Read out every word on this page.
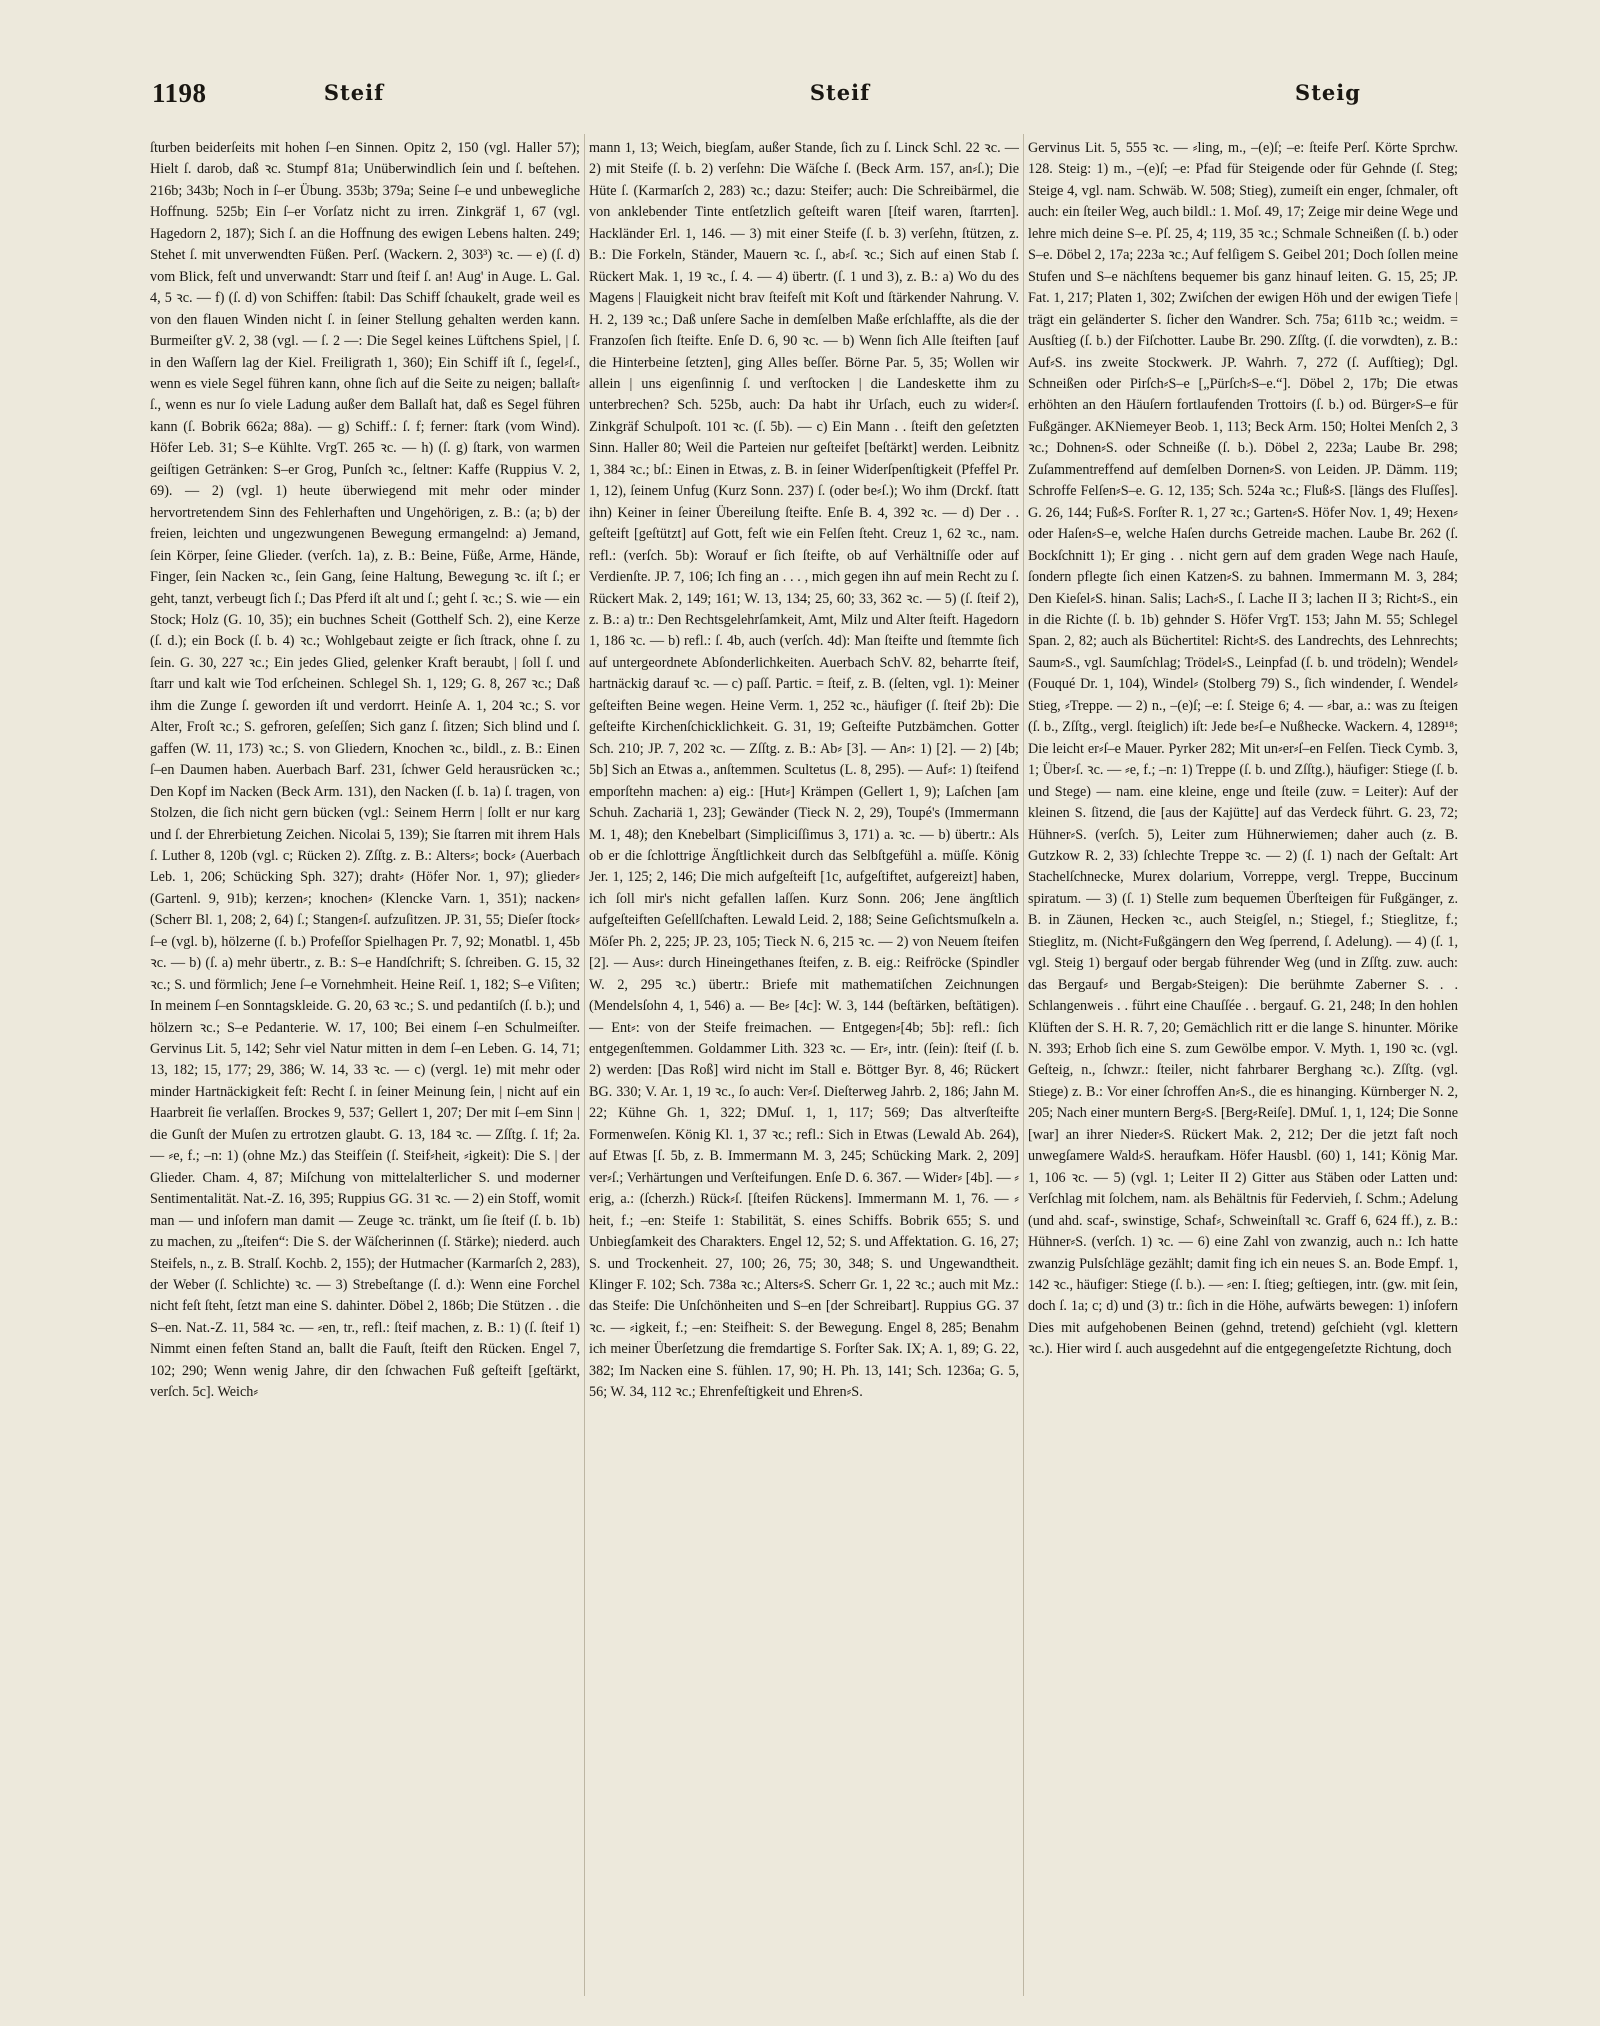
1198	Steif	Steif	Steig

ſturben beiderſeits mit hohen ſ–en Sinnen. Opitz 2, 150 (vgl. Haller 57); Hielt ſ. darob, daß ꝛc. Stumpf 81a; Unüberwindlich ſein und ſ. beſtehen. 216b; 343b; Noch in ſ–er Übung. 353b; 379a; Seine ſ–e und unbewegliche Hoffnung. 525b; Ein ſ–er Vorſatz nicht zu irren. Zinkgräf 1, 67 (vgl. Hagedorn 2, 187); Sich ſ. an die Hoffnung des ewigen Lebens halten. 249; Stehet ſ. mit unverwendten Füßen. Perſ. (Wackern. 2, 303³) ꝛc. — e) (ſ. d) vom Blick, feſt und unverwandt: Starr und ſteif ſ. an! Aug' in Auge. L. Gal. 4, 5 ꝛc. — f) (ſ. d) von Schiffen: ſtabil: Das Schiff ſchaukelt, grade weil es von den flauen Winden nicht ſ. in ſeiner Stellung gehalten werden kann. Burmeiſter gV. 2, 38 (vgl. — ſ. 2 —: Die Segel keines Lüftchens Spiel, | ſ. in den Waſſern lag der Kiel. Freiligrath 1, 360); Ein Schiff iſt ſ., ſegel⸗ſ., wenn es viele Segel führen kann, ohne ſich auf die Seite zu neigen; ballaſt⸗ſ., wenn es nur ſo viele Ladung außer dem Ballaſt hat, daß es Segel führen kann (ſ. Bobrik 662a; 88a). — g) Schiff.: ſ. f; ferner: ſtark (vom Wind). Höfer Leb. 31; S–e Kühlte. VrgT. 265 ꝛc. — h) (ſ. g) ſtark, von warmen geiſtigen Getränken: S–er Grog, Punſch ꝛc., ſeltner: Kaffe (Ruppius V. 2, 69). — 2) (vgl. 1) heute überwiegend mit mehr oder minder hervortretendem Sinn des Fehlerhaften und Ungehörigen, z. B.: (a; b) der freien, leichten und ungezwungenen Bewegung ermangelnd: a) Jemand, ſein Körper, ſeine Glieder. (verſch. 1a), z. B.: Beine, Füße, Arme, Hände, Finger, ſein Nacken ꝛc., ſein Gang, ſeine Haltung, Bewegung ꝛc. iſt ſ.; er geht, tanzt, verbeugt ſich ſ.; Das Pferd iſt alt und ſ.; geht ſ. ꝛc.; S. wie — ein Stock; Holz (G. 10, 35); ein buchnes Scheit (Gotthelf Sch. 2), eine Kerze (ſ. d.); ein Bock (ſ. b. 4) ꝛc.; Wohlgebaut zeigte er ſich ſtrack, ohne ſ. zu ſein. G. 30, 227 ꝛc.; Ein jedes Glied, gelenker Kraft beraubt, | ſoll ſ. und ſtarr und kalt wie Tod erſcheinen. Schlegel Sh. 1, 129; G. 8, 267 ꝛc.; Daß ihm die Zunge ſ. geworden iſt und verdorrt. Heinſe A. 1, 204 ꝛc.; S. vor Alter, Froſt ꝛc.; S. gefroren, geſeſſen; Sich ganz ſ. ſitzen; Sich blind und ſ. gaffen (W. 11, 173) ꝛc.; S. von Gliedern, Knochen ꝛc., bildl., z. B.: Einen ſ–en Daumen haben. Auerbach Barf. 231, ſchwer Geld herausrücken ꝛc.; Den Kopf im Nacken (Beck Arm. 131), den Nacken (ſ. b. 1a) ſ. tragen, von Stolzen, die ſich nicht gern bücken (vgl.: Seinem Herrn | ſollt er nur karg und ſ. der Ehrerbietung Zeichen. Nicolai 5, 139); Sie ſtarren mit ihrem Hals ſ. Luther 8, 120b (vgl. c; Rücken 2). Zſſtg. z. B.: Alters⸗; bock⸗ (Auerbach Leb. 1, 206; Schücking Sph. 327); draht⸗ (Höfer Nor. 1, 97); glieder⸗ (Gartenl. 9, 91b); kerzen⸗; knochen⸗ (Klencke Varn. 1, 351); nacken⸗ (Scherr Bl. 1, 208; 2, 64) ſ.; Stangen⸗ſ. aufzuſitzen. JP. 31, 55; Dieſer ſtock⸗ſ–e (vgl. b), hölzerne (ſ. b.) Profeſſor Spielhagen Pr. 7, 92; Monatbl. 1, 45b ꝛc. — b) (ſ. a) mehr übertr., z. B.: S–e Handſchrift; S. ſchreiben. G. 15, 32 ꝛc.; S. und förmlich; Jene ſ–e Vornehmheit. Heine Reiſ. 1, 182; S–e Viſiten; In meinem ſ–en Sonntagskleide. G. 20, 63 ꝛc.; S. und pedantiſch (ſ. b.); und hölzern ꝛc.; S–e Pedanterie. W. 17, 100; Bei einem ſ–en Schulmeiſter. Gervinus Lit. 5, 142; Sehr viel Natur mitten in dem ſ–en Leben. G. 14, 71; 13, 182; 15, 177; 29, 386; W. 14, 33 ꝛc. — c) (vergl. 1e) mit mehr oder minder Hartnäckigkeit feſt: Recht ſ. in ſeiner Meinung ſein, | nicht auf ein Haarbreit ſie verlaſſen. Brockes 9, 537; Gellert 1, 207; Der mit ſ–em Sinn | die Gunſt der Muſen zu ertrotzen glaubt. G. 13, 184 ꝛc. — Zſſtg. ſ. 1f; 2a. — ⸗e, f.; –n: 1) (ohne Mz.) das Steifſein (ſ. Steif⸗heit, ⸗igkeit): Die S. | der Glieder. Cham. 4, 87; Miſchung von mittelalterlicher S. und moderner Sentimentalität. Nat.-Z. 16, 395; Ruppius GG. 31 ꝛc. — 2) ein Stoff, womit man — und inſofern man damit — Zeuge ꝛc. tränkt, um ſie ſteif (ſ. b. 1b) zu machen, zu „ſteifen“: Die S. der Wäſcherinnen (ſ. Stärke); niederd. auch Steifels, n., z. B. Stralſ. Kochb. 2, 155); der Hutmacher (Karmarſch 2, 283), der Weber (ſ. Schlichte) ꝛc. — 3) Strebeſtange (ſ. d.): Wenn eine Forchel nicht feſt ſteht, ſetzt man eine S. dahinter. Döbel 2, 186b; Die Stützen . . die S–en. Nat.-Z. 11, 584 ꝛc. — ⸗en, tr., refl.: ſteif machen, z. B.: 1) (ſ. ſteif 1) Nimmt einen feſten Stand an, ballt die Fauſt, ſteift den Rücken. Engel 7, 102; 290; Wenn wenig Jahre, dir den ſchwachen Fuß geſteift [geſtärkt, verſch. 5c]. Weich⸗

mann 1, 13; Weich, biegſam, außer Stande, ſich zu ſ. Linck Schl. 22 ꝛc. — 2) mit Steife (ſ. b. 2) verſehn: Die Wäſche ſ. (Beck Arm. 157, an⸗ſ.); Die Hüte ſ. (Karmarſch 2, 283) ꝛc.; dazu: Steifer; auch: Die Schreibärmel, die von anklebender Tinte entſetzlich geſteift waren [ſteif waren, ſtarrten]. Hackländer Erl. 1, 146. — 3) mit einer Steife (ſ. b. 3) verſehn, ſtützen, z. B.: Die Forkeln, Ständer, Mauern ꝛc. ſ., ab⸗ſ. ꝛc.; Sich auf einen Stab ſ. Rückert Mak. 1, 19 ꝛc., ſ. 4. — 4) übertr. (ſ. 1 und 3), z. B.: a) Wo du des Magens | Flauigkeit nicht brav ſteifeſt mit Koſt und ſtärkender Nahrung. V. H. 2, 139 ꝛc.; Daß unſere Sache in demſelben Maße erſchlaffte, als die der Franzoſen ſich ſteifte. Enſe D. 6, 90 ꝛc. — b) Wenn ſich Alle ſteiften [auf die Hinterbeine ſetzten], ging Alles beſſer. Börne Par. 5, 35; Wollen wir allein | uns eigenſinnig ſ. und verſtocken | die Landeskette ihm zu unterbrechen? Sch. 525b, auch: Da habt ihr Urſach, euch zu wider⸗ſ. Zinkgräf Schulpoſt. 101 ꝛc. (ſ. 5b). — c) Ein Mann . . ſteift den geſetzten Sinn. Haller 80; Weil die Parteien nur geſteifet [beſtärkt] werden. Leibnitz 1, 384 ꝛc.; bſ.: Einen in Etwas, z. B. in ſeiner Widerſpenſtigkeit (Pfeffel Pr. 1, 12), ſeinem Unfug (Kurz Sonn. 237) ſ. (oder be⸗ſ.); Wo ihm (Drckf. ſtatt ihn) Keiner in ſeiner Übereilung ſteifte. Enſe B. 4, 392 ꝛc. — d) Der . . geſteift [geſtützt] auf Gott, feſt wie ein Felſen ſteht. Creuz 1, 62 ꝛc., nam. refl.: (verſch. 5b): Worauf er ſich ſteifte, ob auf Verhältniſſe oder auf Verdienſte. JP. 7, 106; Ich fing an . . . , mich gegen ihn auf mein Recht zu ſ. Rückert Mak. 2, 149; 161; W. 13, 134; 25, 60; 33, 362 ꝛc. — 5) (ſ. ſteif 2), z. B.: a) tr.: Den Rechtsgelehrſamkeit, Amt, Milz und Alter ſteift. Hagedorn 1, 186 ꝛc. — b) refl.: ſ. 4b, auch (verſch. 4d): Man ſteifte und ſtemmte ſich auf untergeordnete Abſonderlichkeiten. Auerbach SchV. 82, beharrte ſteif, hartnäckig darauf ꝛc. — c) paſſ. Partic. = ſteif, z. B. (ſelten, vgl. 1): Meiner geſteiften Beine wegen. Heine Verm. 1, 252 ꝛc., häufiger (ſ. ſteif 2b): Die geſteifte Kirchenſchicklichkeit. G. 31, 19; Geſteifte Putzbämchen. Gotter Sch. 210; JP. 7, 202 ꝛc. — Zſſtg. z. B.: Ab⸗ [3]. — An⸗: 1) [2]. — 2) [4b; 5b] Sich an Etwas a., anſtemmen. Scultetus (L. 8, 295). — Auf⸗: 1) ſteifend emporſtehn machen: a) eig.: [Hut⸗] Krämpen (Gellert 1, 9); Laſchen [am Schuh. Zachariä 1, 23]; Gewänder (Tieck N. 2, 29), Toupé's (Immermann M. 1, 48); den Knebelbart (Simpliciſſimus 3, 171) a. ꝛc. — b) übertr.: Als ob er die ſchlottrige Ängſtlichkeit durch das Selbſtgefühl a. müſſe. König Jer. 1, 125; 2, 146; Die mich aufgeſteift [1c, aufgeſtiftet, aufgereizt] haben, ich ſoll mir's nicht gefallen laſſen. Kurz Sonn. 206; Jene ängſtlich aufgeſteiften Geſellſchaften. Lewald Leid. 2, 188; Seine Geſichtsmuſkeln a. Möſer Ph. 2, 225; JP. 23, 105; Tieck N. 6, 215 ꝛc. — 2) von Neuem ſteifen [2]. — Aus⸗: durch Hineingethanes ſteifen, z. B. eig.: Reifröcke (Spindler W. 2, 295 ꝛc.) übertr.: Briefe mit mathematiſchen Zeichnungen (Mendelsſohn 4, 1, 546) a. — Be⸗ [4c]: W. 3, 144 (beſtärken, beſtätigen). — Ent⸗: von der Steife freimachen. — Entgegen⸗[4b; 5b]: refl.: ſich entgegenſtemmen. Goldammer Lith. 323 ꝛc. — Er⸗, intr. (ſein): ſteif (ſ. b. 2) werden: [Das Roß] wird nicht im Stall e. Böttger Byr. 8, 46; Rückert BG. 330; V. Ar. 1, 19 ꝛc., ſo auch: Ver⸗ſ. Dieſterweg Jahrb. 2, 186; Jahn M. 22; Kühne Gh. 1, 322; DMuſ. 1, 1, 117; 569; Das altverſteifte Formenweſen. König Kl. 1, 37 ꝛc.; refl.: Sich in Etwas (Lewald Ab. 264), auf Etwas [ſ. 5b, z. B. Immermann M. 3, 245; Schücking Mark. 2, 209] ver⸗ſ.; Verhärtungen und Verſteifungen. Enſe D. 6. 367. — Wider⸗ [4b]. — ⸗erig, a.: (ſcherzh.) Rück⸗ſ. [ſteifen Rückens]. Immermann M. 1, 76. — ⸗heit, f.; –en: Steife 1: Stabilität, S. eines Schiffs. Bobrik 655; S. und Unbiegſamkeit des Charakters. Engel 12, 52; S. und Affektation. G. 16, 27; S. und Trockenheit. 27, 100; 26, 75; 30, 348; S. und Ungewandtheit. Klinger F. 102; Sch. 738a ꝛc.; Alters⸗S. Scherr Gr. 1, 22 ꝛc.; auch mit Mz.: das Steife: Die Unſchönheiten und S–en [der Schreibart]. Ruppius GG. 37 ꝛc. — ⸗igkeit, f.; –en: Steifheit: S. der Bewegung. Engel 8, 285; Benahm ich meiner Überſetzung die fremdartige S. Forſter Sak. IX; A. 1, 89; G. 22, 382; Im Nacken eine S. fühlen. 17, 90; H. Ph. 13, 141; Sch. 1236a; G. 5, 56; W. 34, 112 ꝛc.; Ehrenfeſtigkeit und Ehren⸗S.

Gervinus Lit. 5, 555 ꝛc. — ⸗ling, m., –(e)ſ; –e: ſteife Perſ. Körte Sprchw. 128. Steig: 1) m., –(e)ſ; –e: Pfad für Steigende oder für Gehnde (ſ. Steg; Steige 4, vgl. nam. Schwäb. W. 508; Stieg), zumeiſt ein enger, ſchmaler, oft auch: ein ſteiler Weg, auch bildl.: 1. Moſ. 49, 17; Zeige mir deine Wege und lehre mich deine S–e. Pſ. 25, 4; 119, 35 ꝛc.; Schmale Schneißen (ſ. b.) oder S–e. Döbel 2, 17a; 223a ꝛc.; Auf felſigem S. Geibel 201; Doch ſollen meine Stufen und S–e nächſtens bequemer bis ganz hinauf leiten. G. 15, 25; JP. Fat. 1, 217; Platen 1, 302; Zwiſchen der ewigen Höh und der ewigen Tiefe | trägt ein geländerter S. ſicher den Wandrer. Sch. 75a; 611b ꝛc.; weidm. = Ausſtieg (ſ. b.) der Fiſchotter. Laube Br. 290. Zſſtg. (ſ. die vorwdten), z. B.: Auf⸗S. ins zweite Stockwerk. JP. Wahrh. 7, 272 (ſ. Aufſtieg); Dgl. Schneißen oder Pirſch⸗S–e [„Pürſch⸗S–e.“]. Döbel 2, 17b; Die etwas erhöhten an den Häuſern fortlaufenden Trottoirs (ſ. b.) od. Bürger⸗S–e für Fußgänger. AKNiemeyer Beob. 1, 113; Beck Arm. 150; Holtei Menſch 2, 3 ꝛc.; Dohnen⸗S. oder Schneiße (ſ. b.). Döbel 2, 223a; Laube Br. 298; Zuſammentreffend auf demſelben Dornen⸗S. von Leiden. JP. Dämm. 119; Schroffe Felſen⸗S–e. G. 12, 135; Sch. 524a ꝛc.; Fluß⸗S. [längs des Fluſſes]. G. 26, 144; Fuß⸗S. Forſter R. 1, 27 ꝛc.; Garten⸗S. Höfer Nov. 1, 49; Hexen⸗ oder Haſen⸗S–e, welche Haſen durchs Getreide machen. Laube Br. 262 (ſ. Bockſchnitt 1); Er ging . . nicht gern auf dem graden Wege nach Hauſe, ſondern pflegte ſich einen Katzen⸗S. zu bahnen. Immermann M. 3, 284; Den Kieſel⸗S. hinan. Salis; Lach⸗S., ſ. Lache II 3; lachen II 3; Richt⸗S., ein in die Richte (ſ. b. 1b) gehnder S. Höfer VrgT. 153; Jahn M. 55; Schlegel Span. 2, 82; auch als Büchertitel: Richt⸗S. des Landrechts, des Lehnrechts; Saum⸗S., vgl. Saumſchlag; Trödel⸗S., Leinpfad (ſ. b. und trödeln); Wendel⸗ (Fouqué Dr. 1, 104), Windel⸗ (Stolberg 79) S., ſich windender, ſ. Wendel⸗Stieg, ⸗Treppe. — 2) n., –(e)ſ; –e: ſ. Steige 6; 4. — ⸗bar, a.: was zu ſteigen (ſ. b., Zſſtg., vergl. ſteiglich) iſt: Jede be⸗ſ–e Nußhecke. Wackern. 4, 1289¹⁸; Die leicht er⸗ſ–e Mauer. Pyrker 282; Mit un⸗er⸗ſ–en Felſen. Tieck Cymb. 3, 1; Über⸗ſ. ꝛc. — ⸗e, f.; –n: 1) Treppe (ſ. b. und Zſſtg.), häufiger: Stiege (ſ. b. und Stege) — nam. eine kleine, enge und ſteile (zuw. = Leiter): Auf der kleinen S. ſitzend, die [aus der Kajütte] auf das Verdeck führt. G. 23, 72; Hühner⸗S. (verſch. 5), Leiter zum Hühnerwiemen; daher auch (z. B. Gutzkow R. 2, 33) ſchlechte Treppe ꝛc. — 2) (ſ. 1) nach der Geſtalt: Art Stachelſchnecke, Murex dolarium, Vorreppe, vergl. Treppe, Buccinum spiratum. — 3) (ſ. 1) Stelle zum bequemen Überſteigen für Fußgänger, z. B. in Zäunen, Hecken ꝛc., auch Steigſel, n.; Stiegel, f.; Stieglitze, f.; Stieglitz, m. (Nicht⸗Fußgängern den Weg ſperrend, ſ. Adelung). — 4) (ſ. 1, vgl. Steig 1) bergauf oder bergab führender Weg (und in Zſſtg. zuw. auch: das Bergauf⸗ und Bergab⸗Steigen): Die berühmte Zaberner S. . . Schlangenweis . . führt eine Chauſſée . . bergauf. G. 21, 248; In den hohlen Klüften der S. H. R. 7, 20; Gemächlich ritt er die lange S. hinunter. Mörike N. 393; Erhob ſich eine S. zum Gewölbe empor. V. Myth. 1, 190 ꝛc. (vgl. Geſteig, n., ſchwzr.: ſteiler, nicht fahrbarer Berghang ꝛc.). Zſſtg. (vgl. Stiege) z. B.: Vor einer ſchroffen An⸗S., die es hinanging. Kürnberger N. 2, 205; Nach einer muntern Berg⸗S. [Berg⸗Reiſe]. DMuſ. 1, 1, 124; Die Sonne [war] an ihrer Nieder⸗S. Rückert Mak. 2, 212; Der die jetzt faſt noch unwegſamere Wald⸗S. heraufkam. Höfer Hausbl. (60) 1, 141; König Mar. 1, 106 ꝛc. — 5) (vgl. 1; Leiter II 2) Gitter aus Stäben oder Latten und: Verſchlag mit ſolchem, nam. als Behältnis für Federvieh, ſ. Schm.; Adelung (und ahd. scaf-, swinstige, Schaf⸗, Schweinſtall ꝛc. Graff 6, 624 ff.), z. B.: Hühner⸗S. (verſch. 1) ꝛc. — 6) eine Zahl von zwanzig, auch n.: Ich hatte zwanzig Pulsſchläge gezählt; damit fing ich ein neues S. an. Bode Empf. 1, 142 ꝛc., häufiger: Stiege (ſ. b.). — ⸗en: I. ſtieg; geſtiegen, intr. (gw. mit ſein, doch ſ. 1a; c; d) und (3) tr.: ſich in die Höhe, aufwärts bewegen: 1) inſofern Dies mit aufgehobenen Beinen (gehnd, tretend) geſchieht (vgl. klettern ꝛc.). Hier wird ſ. auch ausgedehnt auf die entgegengeſetzte Richtung, doch
